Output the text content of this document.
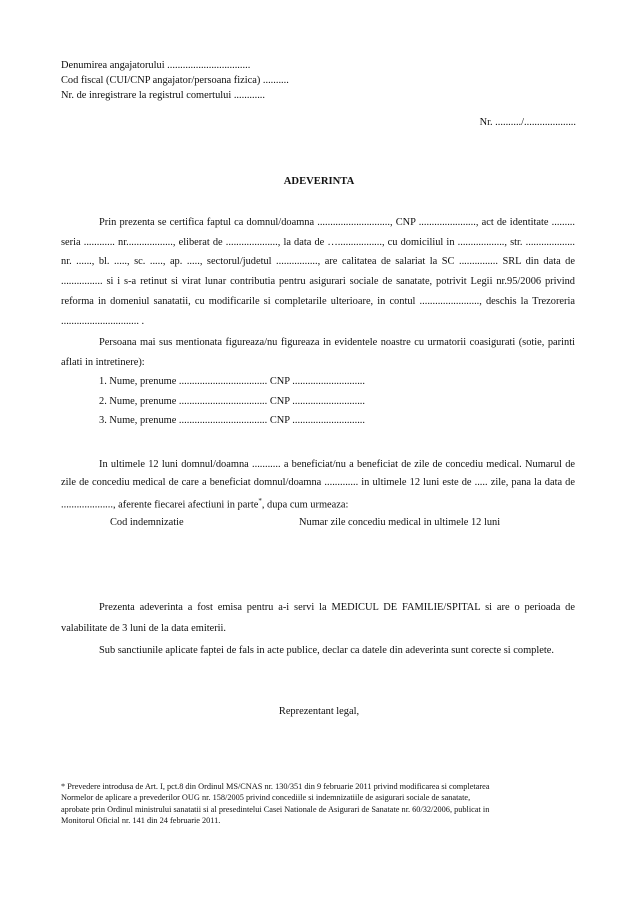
Denumirea angajatorului ................................
Cod fiscal (CUI/CNP angajator/persoana fizica) ..........
Nr. de inregistrare la registrul comertului ............
Nr. ........../....................
ADEVERINTA
Prin prezenta se certifica faptul ca domnul/doamna ............................, CNP ......................, act de identitate ......... seria ............ nr.................., eliberat de ...................., la data de …................., cu domiciliul in .................., str. ................... nr. ......, bl. ....., sc. ....., ap. ....., sectorul/judetul ................, are calitatea de salariat la SC ............... SRL din data de ................ si i s-a retinut si virat lunar contributia pentru asigurari sociale de sanatate, potrivit Legii nr.95/2006 privind reforma in domeniul sanatatii, cu modificarile si completarile ulterioare, in contul ......................., deschis la Trezoreria .............................. .
Persoana mai sus mentionata figureaza/nu figureaza in evidentele noastre cu urmatorii coasigurati (sotie, parinti aflati in intretinere):
1. Nume, prenume .................................. CNP ............................
2. Nume, prenume .................................. CNP ............................
3. Nume, prenume .................................. CNP ............................
In ultimele 12 luni domnul/doamna ........... a beneficiat/nu a beneficiat de zile de concediu medical. Numarul de zile de concediu medical de care a beneficiat domnul/doamna ............. in ultimele 12 luni este de ..... zile, pana la data de ...................., aferente fiecarei afectiuni in parte*, dupa cum urmeaza:
Cod indemnizatie	Numar zile concediu medical in ultimele 12 luni
Prezenta adeverinta a fost emisa pentru a-i servi la MEDICUL DE FAMILIE/SPITAL si are o perioada de valabilitate de 3 luni de la data emiterii.
Sub sanctiunile aplicate faptei de fals in acte publice, declar ca datele din adeverinta sunt corecte si complete.
Reprezentant legal,
* Prevedere introdusa de Art. I, pct.8 din Ordinul MS/CNAS nr. 130/351 din 9 februarie 2011 privind modificarea si completarea
Normelor de aplicare a prevederilor OUG nr. 158/2005 privind concediile si indemnizatiile de asigurari sociale de sanatate,
aprobate prin Ordinul ministrului sanatatii si al presedintelui Casei Nationale de Asigurari de Sanatate nr. 60/32/2006, publicat in
Monitorul Oficial nr. 141 din 24 februarie 2011.
